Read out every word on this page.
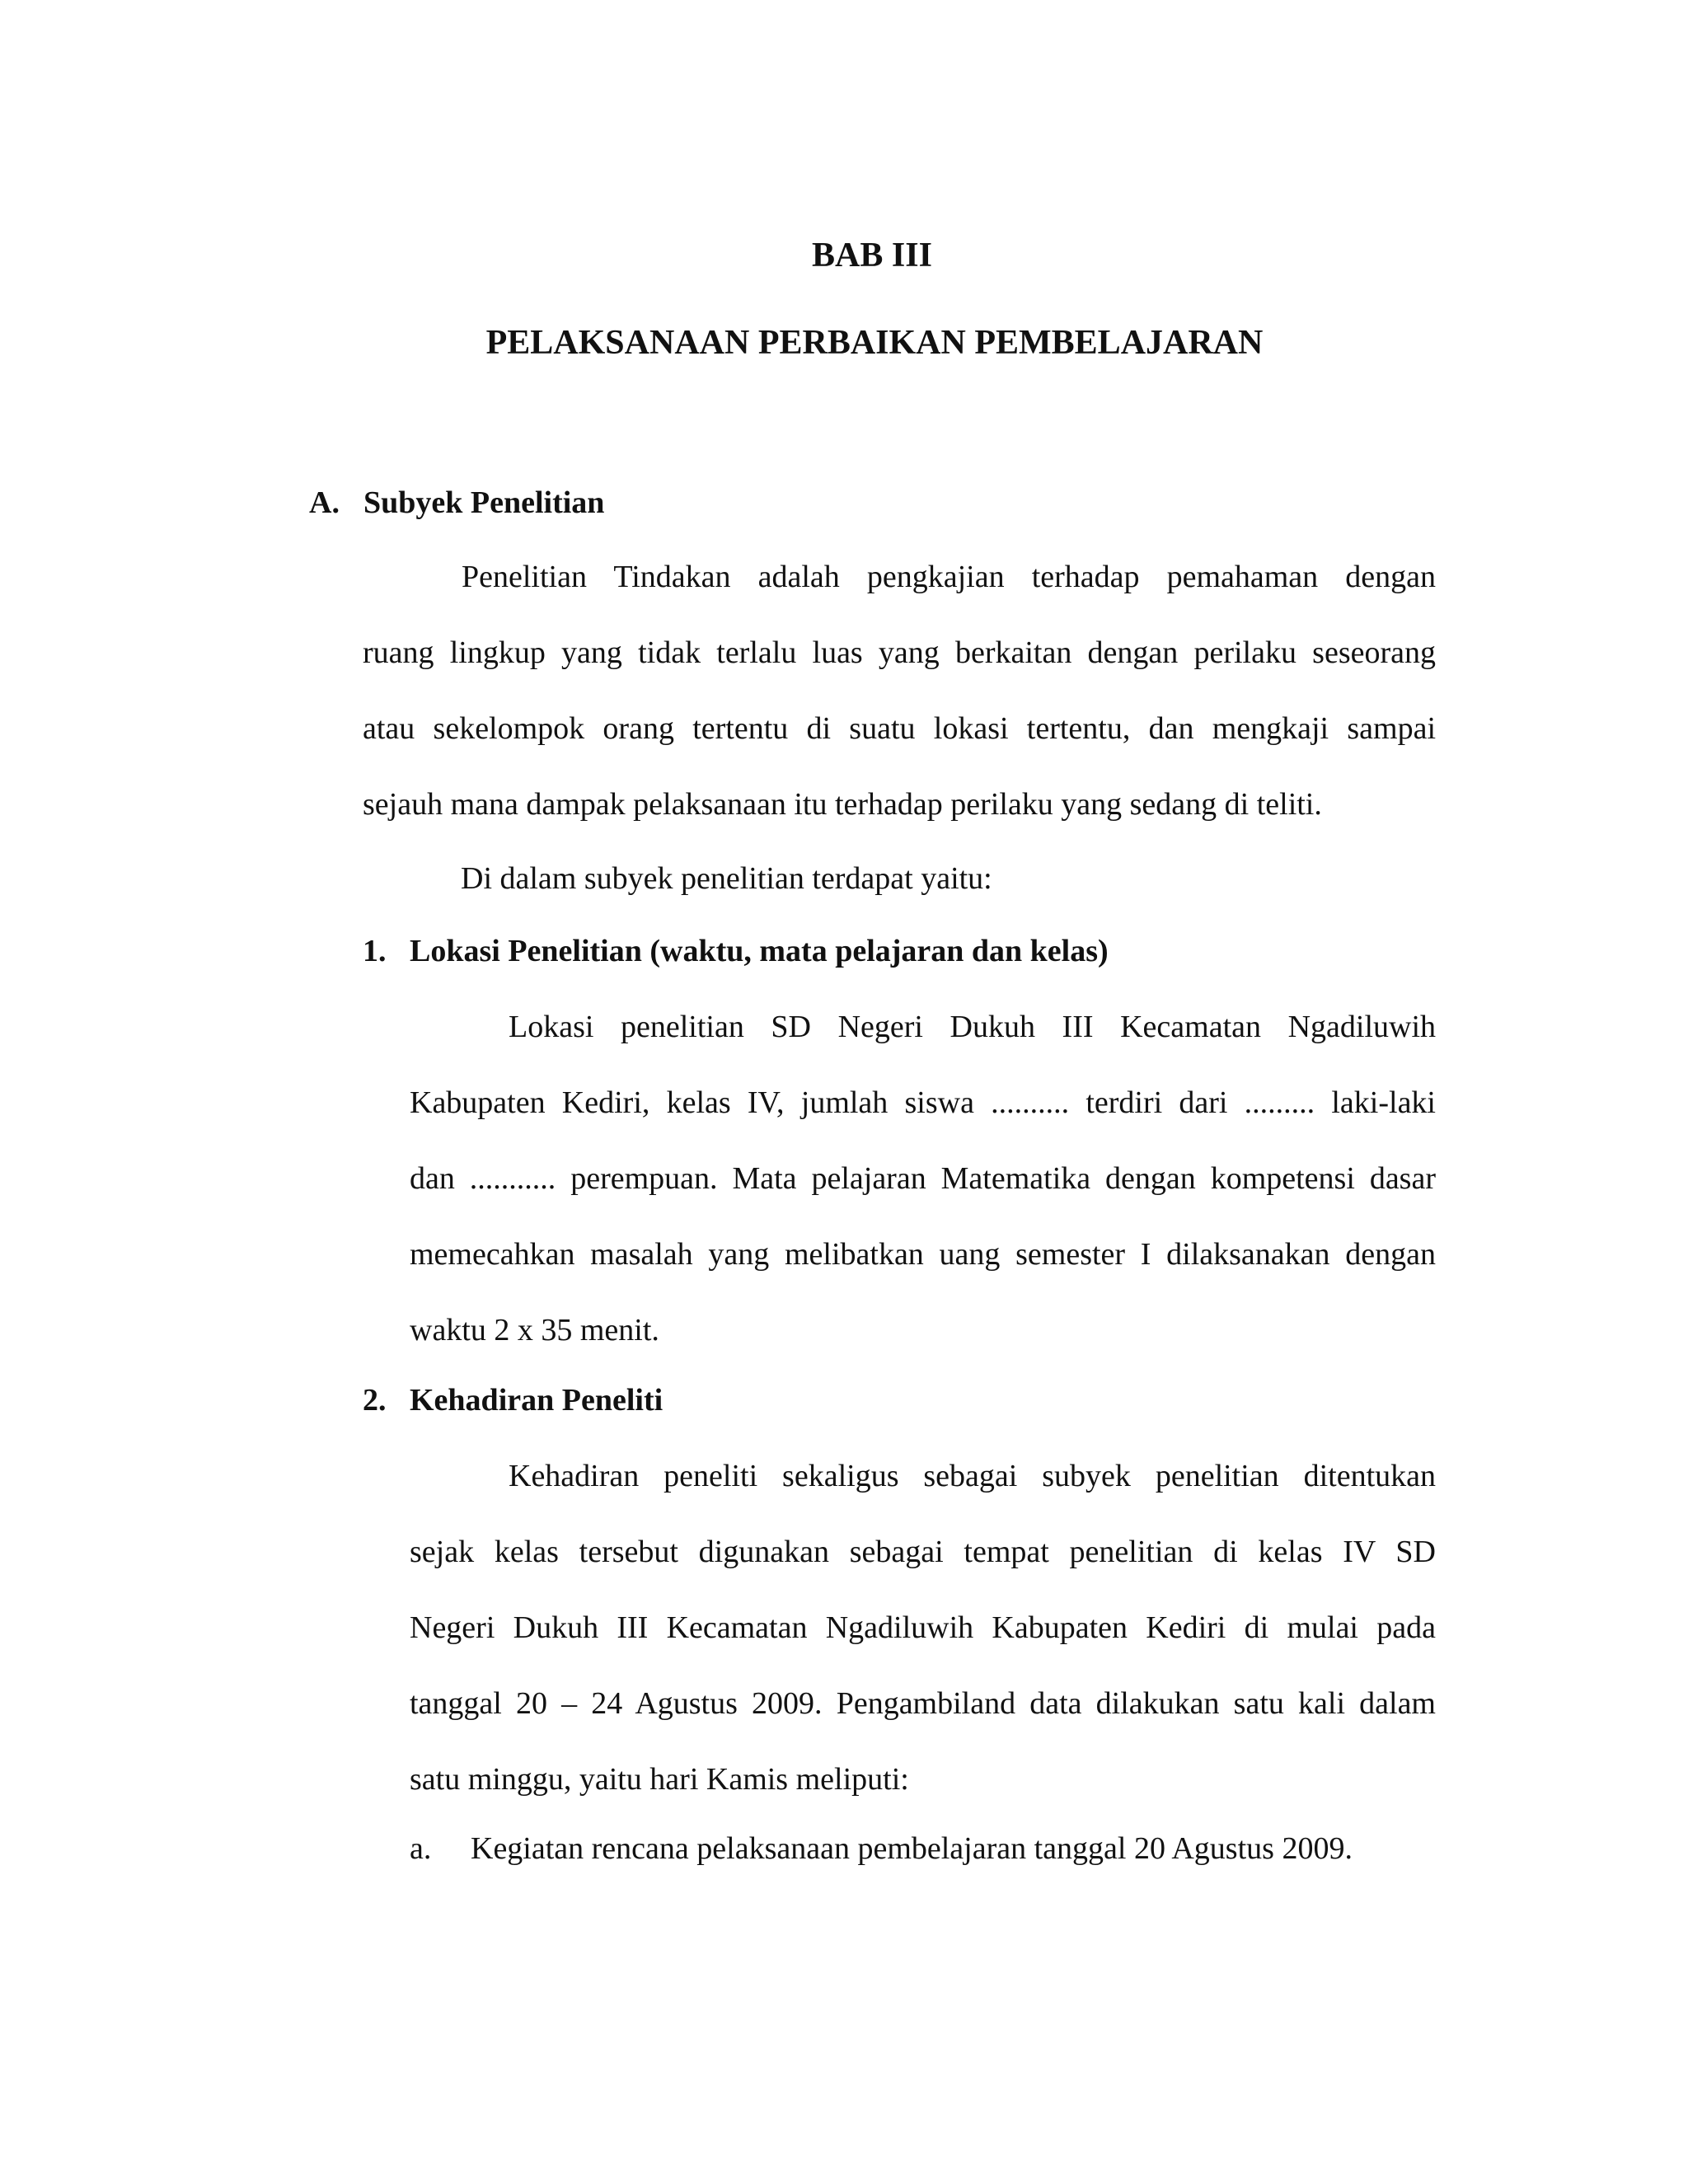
BAB III
PELAKSANAAN PERBAIKAN PEMBELAJARAN
A. Subyek Penelitian

Penelitian Tindakan adalah pengkajian terhadap pemahaman dengan
ruang lingkup yang tidak terlalu luas yang berkaitan dengan perilaku seseorang
atau sekelompok orang tertentu di suatu lokasi tertentu, dan mengkaji sampai
sejauh mana dampak pelaksanaan itu terhadap perilaku yang sedang di teliti.

Di dalam subyek penelitian terdapat yaitu:

1. Lokasi Penelitian (waktu, mata pelajaran dan kelas)

Lokasi penelitian SD Negeri Dukuh III Kecamatan Ngadiluwih
Kabupaten Kediri, kelas IV, jumlah siswa .......... terdiri dari ......... laki-laki
dan ........... perempuan. Mata pelajaran Matematika dengan kompetensi dasar
memecahkan masalah yang melibatkan uang semester I dilaksanakan dengan
waktu 2 x 35 menit.

2. Kehadiran Peneliti

Kehadiran peneliti sekaligus sebagai subyek penelitian ditentukan
sejak kelas tersebut digunakan sebagai tempat penelitian di kelas IV SD
Negeri Dukuh III Kecamatan Ngadiluwih Kabupaten Kediri di mulai pada
tanggal 20 – 24 Agustus 2009. Pengambiland data dilakukan satu kali dalam
satu minggu, yaitu hari Kamis meliputi:

a. Kegiatan rencana pelaksanaan pembelajaran tanggal 20 Agustus 2009.
